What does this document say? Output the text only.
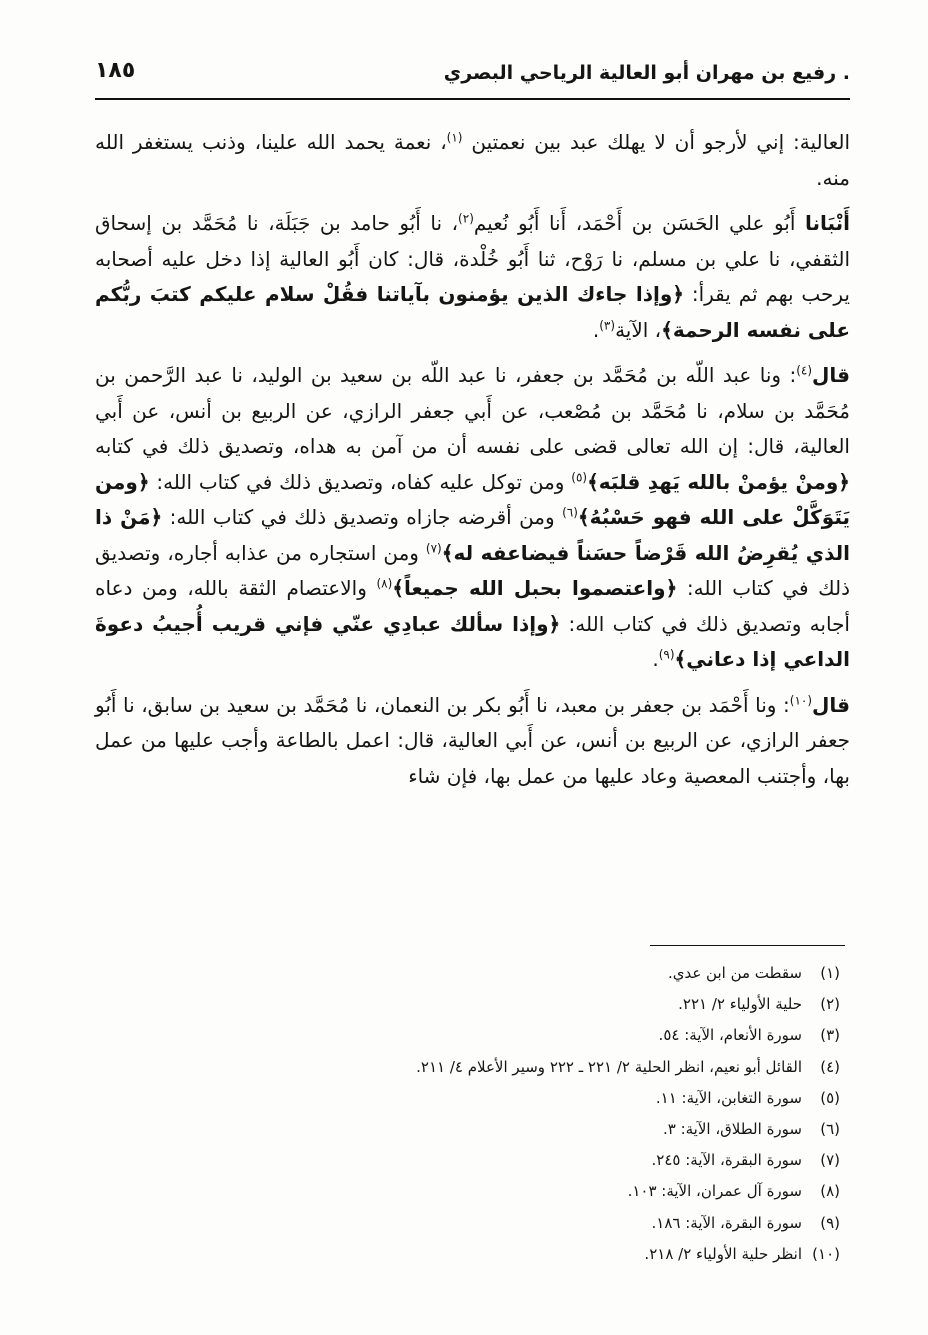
١٨٥	. رفيع بن مهران أبو العالية الرياحي البصري

العالية: إني لأرجو أن لا يهلك عبد بين نعمتين $^{(١)}$، نعمة يحمد الله علينا، وذنب يستغفر الله منه.

أَنْبَانا أَبُو علي الحَسَن بن أَحْمَد، أَنا أَبُو نُعيم$^{(٢)}$، نا أَبُو حامد بن جَبَلَة، نا مُحَمَّد بن إسحاق الثقفي، نا علي بن مسلم، نا رَوْح، ثنا أَبُو خُلْدة، قال: كان أَبُو العالية إذا دخل عليه أصحابه يرحب بهم ثم يقرأ: ﴿وإذا جاءك الذين يؤمنون بآياتنا فقُلْ سلام عليكم كتبَ ربُّكم على نفسه الرحمة﴾، الآية$^{(٣)}$.

قال$^{(٤)}$: ونا عبد اللّه بن مُحَمَّد بن جعفر، نا عبد اللّه بن سعيد بن الوليد، نا عبد الرَّحمن بن مُحَمَّد بن سلام، نا مُحَمَّد بن مُصْعب، عن أَبي جعفر الرازي، عن الربيع بن أنس، عن أَبي العالية، قال: إن الله تعالى قضى على نفسه أن من آمن به هداه، وتصديق ذلك في كتابه ﴿ومنْ يؤمنْ بالله يَهدِ قلبَه﴾$^{(٥)}$ ومن توكل عليه كفاه، وتصديق ذلك في كتاب الله: ﴿ومن يَتَوَكَّلْ على الله فهو حَسْبُهُ﴾$^{(٦)}$ ومن أقرضه جازاه وتصديق ذلك في كتاب الله: ﴿مَنْ ذا الذي يُقرِضُ الله قَرْضاً حسَناً فيضاعفه له﴾$^{(٧)}$ ومن استجاره من عذابه أجاره، وتصديق ذلك في كتاب الله: ﴿واعتصموا بحبل الله جميعاً﴾$^{(٨)}$ والاعتصام الثقة بالله، ومن دعاه أجابه وتصديق ذلك في كتاب الله: ﴿وإذا سألك عبادِي عنّي فإني قريب أُجيبُ دعوةَ الداعي إذا دعاني﴾$^{(٩)}$.

قال$^{(١٠)}$: ونا أَحْمَد بن جعفر بن معبد، نا أَبُو بكر بن النعمان، نا مُحَمَّد بن سعيد بن سابق، نا أَبُو جعفر الرازي، عن الربيع بن أنس، عن أَبي العالية، قال: اعمل بالطاعة وأجب عليها من عمل بها، وأجتنب المعصية وعاد عليها من عمل بها، فإن شاء

(١)سقطت من ابن عدي.
(٢)حلية الأولياء ٢/ ٢٢١.
(٣)سورة الأنعام، الآية: ٥٤.
(٤)القائل أبو نعيم، انظر الحلية ٢/ ٢٢١ ـ ٢٢٢ وسير الأعلام ٤/ ٢١١.
(٥)سورة التغابن، الآية: ١١.
(٦)سورة الطلاق، الآية: ٣.
(٧)سورة البقرة، الآية: ٢٤٥.
(٨)سورة آل عمران، الآية: ١٠٣.
(٩)سورة البقرة، الآية: ١٨٦.
(١٠)انظر حلية الأولياء ٢/ ٢١٨.
